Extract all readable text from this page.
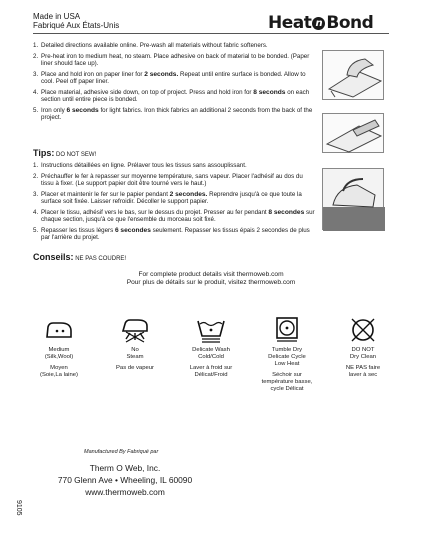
Made in USA
Fabriqué Aux États-Unis	Heat n Bond
1. Detailed directions available online. Pre-wash all materials without fabric softeners.
2. Pre-heat iron to medium heat, no steam. Place adhesive on back of material to be bonded. (Paper liner should face up).
3. Place and hold iron on paper liner for 2 seconds. Repeat until entire surface is bonded. Allow to cool. Peel off paper liner.
4. Place material, adhesive side down, on top of project. Press and hold iron for 8 seconds on each section until entire piece is bonded.
5. Iron only 6 seconds for light fabrics. Iron thick fabrics an additional 2 seconds from the back of the project.
Tips: DO NOT SEW!
1. Instructions détaillées en ligne. Prélaver tous les tissus sans assouplissant.
2. Préchauffer le fer à repasser sur moyenne température, sans vapeur. Placer l'adhésif au dos du tissu à fixer. (Le support papier doit être tourné vers le haut.)
3. Placer et maintenir le fer sur le papier pendant 2 secondes. Reprendre jusqu'à ce que toute la surface soit fixée. Laisser refroidir. Décoller le support papier.
4. Placer le tissu, adhésif vers le bas, sur le dessus du projet. Presser au fer pendant 8 secondes sur chaque section, jusqu'à ce que l'ensemble du morceau soit fixé.
5. Repasser les tissus légers 6 secondes seulement. Repasser les tissus épais 2 secondes de plus par l'arrière du projet.
Conseils: NE PAS COUDRE!
For complete product details visit thermoweb.com
Pour plus de détails sur le produit, visitez thermoweb.com
Medium
(Silk,Wool)
Moyen
(Soie,La laine)
No
Steam
Pas de vapeur
Delicate Wash
Cold/Cold
Laver à froid sur
Délicat/Froid
Tumble Dry
Delicate Cycle
Low Heat
Séchoir sur
température basse,
cycle Délicat
DO NOT
Dry Clean
NE PAS faire
laver à sec
9105
Manufactured By Fabriqué par
Therm O Web, Inc.
770 Glenn Ave • Wheeling, IL 60090
www.thermoweb.com
